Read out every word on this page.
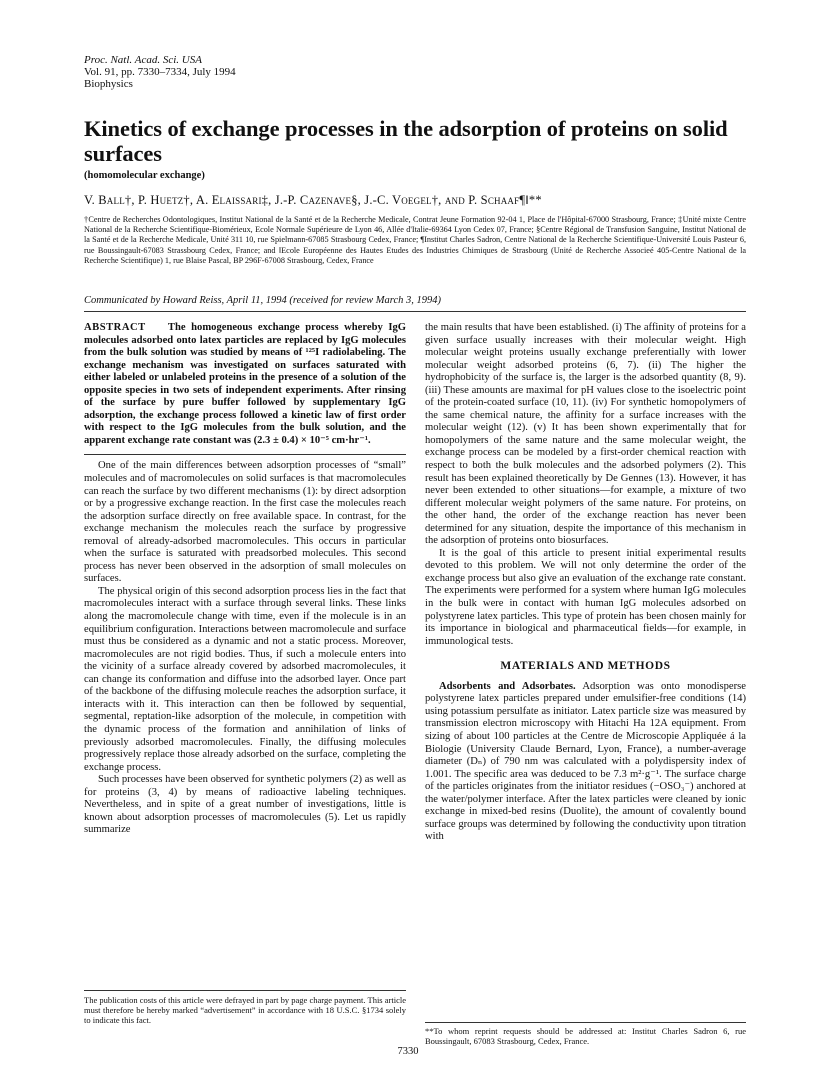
Proc. Natl. Acad. Sci. USA
Vol. 91, pp. 7330–7334, July 1994
Biophysics
Kinetics of exchange processes in the adsorption of proteins on solid surfaces
(homomolecular exchange)
V. Ball†, P. Huetz†, A. Elaissari‡, J.-P. Cazenave§, J.-C. Voegel†, and P. Schaaf¶‖**
†Centre de Recherches Odontologiques, Institut National de la Santé et de la Recherche Medicale, Contrat Jeune Formation 92-04 1, Place de l'Hôpital-67000 Strasbourg, France; ‡Unité mixte Centre National de la Recherche Scientifique-Biomérieux, Ecole Normale Supérieure de Lyon 46, Allée d'Italie-69364 Lyon Cedex 07, France; §Centre Régional de Transfusion Sanguine, Institut National de la Santé et de la Recherche Medicale, Unité 311 10, rue Spielmann-67085 Strasbourg Cedex, France; ¶Institut Charles Sadron, Centre National de la Recherche Scientifique-Université Louis Pasteur 6, rue Boussingault-67083 Strassbourg Cedex, France; and ‖Ecole Européenne des Hautes Etudes des Industries Chimiques de Strasbourg (Unité de Recherche Associeé 405-Centre National de la Recherche Scientifique) 1, rue Blaise Pascal, BP 296F-67008 Strasbourg, Cedex, France
Communicated by Howard Reiss, April 11, 1994 (received for review March 3, 1994)

ABSTRACT The homogeneous exchange process whereby IgG molecules adsorbed onto latex particles are replaced by IgG molecules from the bulk solution was studied by means of ¹²⁵I radiolabeling. The exchange mechanism was investigated on surfaces saturated with either labeled or unlabeled proteins in the presence of a solution of the opposite species in two sets of independent experiments. After rinsing of the surface by pure buffer followed by supplementary IgG adsorption, the exchange process followed a kinetic law of first order with respect to the IgG molecules from the bulk solution, and the apparent exchange rate constant was (2.3 ± 0.4) × 10⁻⁵ cm·hr⁻¹.

One of the main differences between adsorption processes of “small” molecules and of macromolecules on solid surfaces is that macromolecules can reach the surface by two different mechanisms (1): by direct adsorption or by a progressive exchange reaction. In the first case the molecules reach the adsorption surface directly on free available space. In contrast, for the exchange mechanism the molecules reach the surface by progressive removal of already-adsorbed macromolecules. This occurs in particular when the surface is saturated with preadsorbed molecules. This second process has never been observed in the adsorption of small molecules on surfaces.

The physical origin of this second adsorption process lies in the fact that macromolecules interact with a surface through several links. These links along the macromolecule change with time, even if the molecule is in an equilibrium configuration. Interactions between macromolecule and surface must thus be considered as a dynamic and not a static process. Moreover, macromolecules are not rigid bodies. Thus, if such a molecule enters into the vicinity of a surface already covered by adsorbed macromolecules, it can change its conformation and diffuse into the adsorbed layer. Once part of the backbone of the diffusing molecule reaches the adsorption surface, it interacts with it. This interaction can then be followed by sequential, segmental, reptation-like adsorption of the molecule, in competition with the dynamic process of the formation and annihilation of links of previously adsorbed macromolecules. Finally, the diffusing molecules progressively replace those already adsorbed on the surface, completing the exchange process.

Such processes have been observed for synthetic polymers (2) as well as for proteins (3, 4) by means of radioactive labeling techniques. Nevertheless, and in spite of a great number of investigations, little is known about adsorption processes of macromolecules (5). Let us rapidly summarize

the main results that have been established. (i) The affinity of proteins for a given surface usually increases with their molecular weight. High molecular weight proteins usually exchange preferentially with lower molecular weight adsorbed proteins (6, 7). (ii) The higher the hydrophobicity of the surface is, the larger is the adsorbed quantity (8, 9). (iii) These amounts are maximal for pH values close to the isoelectric point of the protein-coated surface (10, 11). (iv) For synthetic homopolymers of the same chemical nature, the affinity for a surface increases with the molecular weight (12). (v) It has been shown experimentally that for homopolymers of the same nature and the same molecular weight, the exchange process can be modeled by a first-order chemical reaction with respect to both the bulk molecules and the adsorbed polymers (2). This result has been explained theoretically by De Gennes (13). However, it has never been extended to other situations—for example, a mixture of two different molecular weight polymers of the same nature. For proteins, on the other hand, the order of the exchange reaction has never been determined for any situation, despite the importance of this mechanism in the adsorption of proteins onto biosurfaces.

It is the goal of this article to present initial experimental results devoted to this problem. We will not only determine the order of the exchange process but also give an evaluation of the exchange rate constant. The experiments were performed for a system where human IgG molecules in the bulk were in contact with human IgG molecules adsorbed on polystyrene latex particles. This type of protein has been chosen mainly for its importance in biological and pharmaceutical fields—for example, in immunological tests.

MATERIALS AND METHODS

Adsorbents and Adsorbates. Adsorption was onto monodisperse polystyrene latex particles prepared under emulsifier-free conditions (14) using potassium persulfate as initiator. Latex particle size was measured by transmission electron microscopy with Hitachi Ha 12A equipment. From sizing of about 100 particles at the Centre de Microscopie Appliquée á la Biologie (University Claude Bernard, Lyon, France), a number-average diameter (Dₙ) of 790 nm was calculated with a polydispersity index of 1.001. The specific area was deduced to be 7.3 m²·g⁻¹. The surface charge of the particles originates from the initiator residues (−OSO₃⁻) anchored at the water/polymer interface. After the latex particles were cleaned by ionic exchange in mixed-bed resins (Duolite), the amount of covalently bound surface groups was determined by following the conductivity upon titration with

The publication costs of this article were defrayed in part by page charge payment. This article must therefore be hereby marked “advertisement” in accordance with 18 U.S.C. §1734 solely to indicate this fact.
**To whom reprint requests should be addressed at: Institut Charles Sadron 6, rue Boussingault, 67083 Strasbourg, Cedex, France.
7330
